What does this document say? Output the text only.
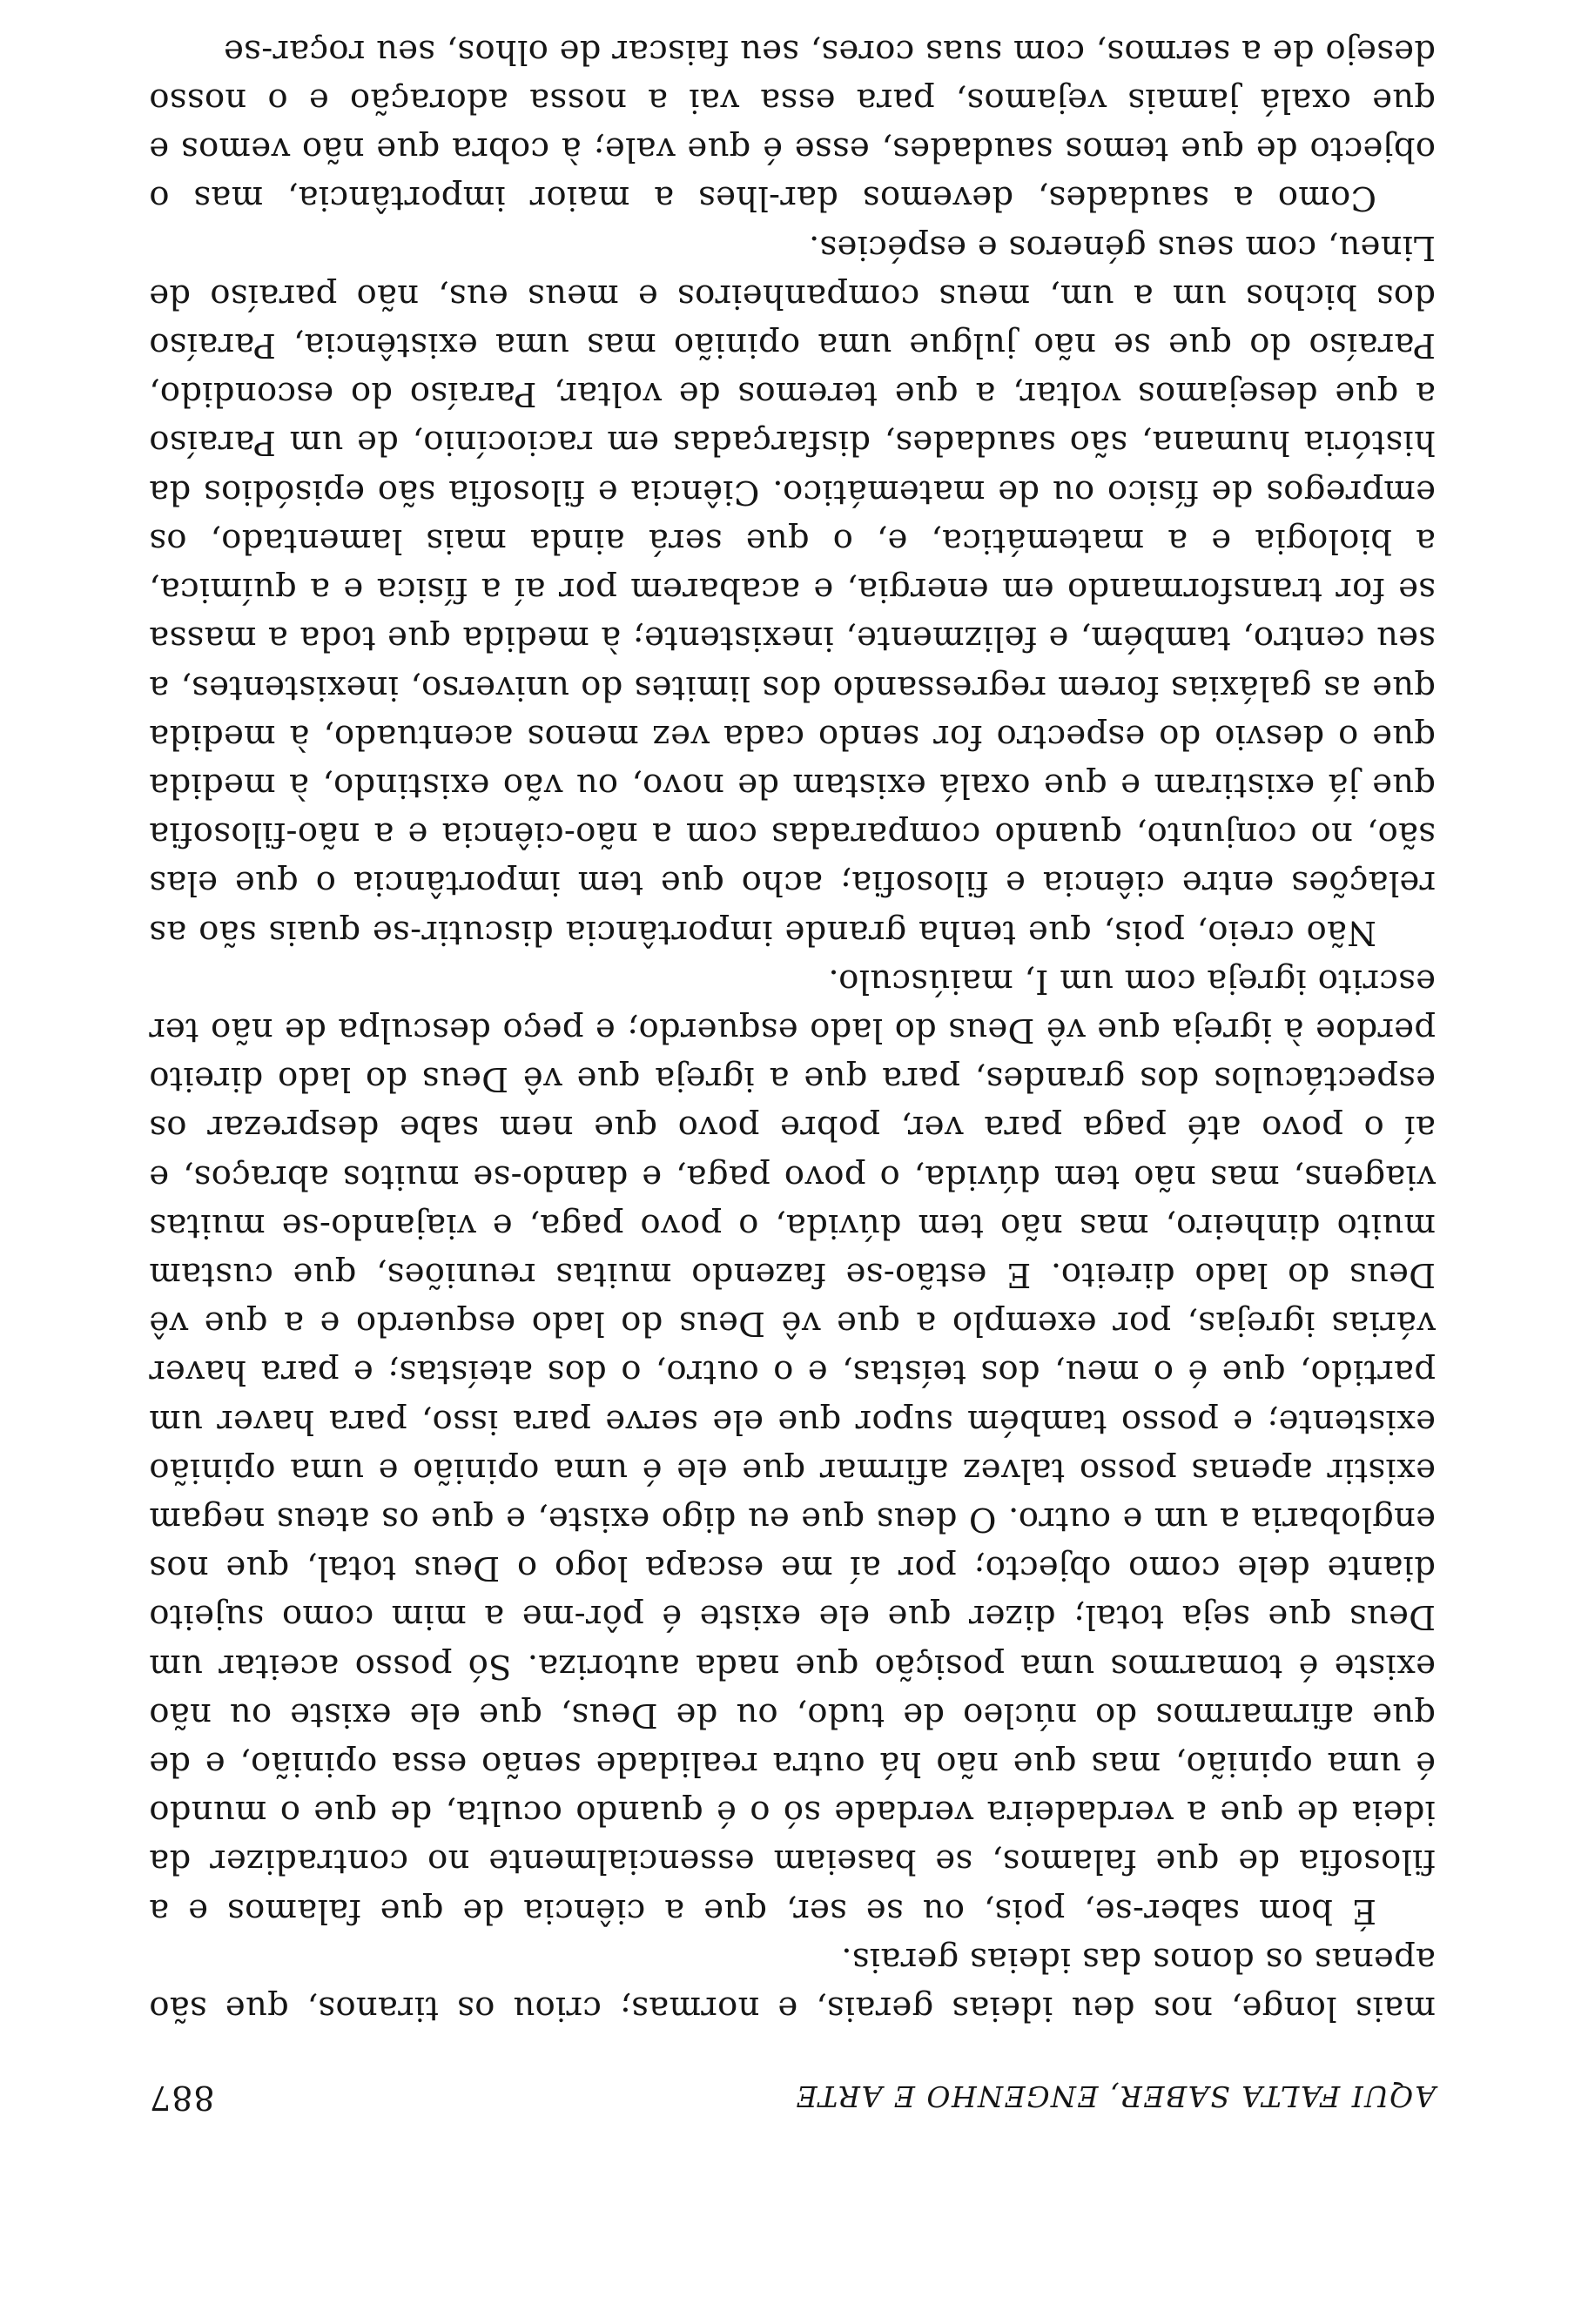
AQUI FALTA SABER, ENGENHO E ARTE
887

mais longe, nos deu ideias gerais, e normas; criou os tiranos, que são apenas os donos das ideias gerais.

É bom saber-se, pois, ou se ser, que a ciência de que falamos e a filosofia de que falamos, se baseiam essencialmente no contradizer da ideia de que a verdadeira verdade só o é quando oculta, de que o mundo é uma opinião, mas que não há outra realidade senão essa opinião, e de que afirmarmos do núcleo de tudo, ou de Deus, que ele existe ou não existe é tomarmos uma posição que nada autoriza. Só posso aceitar um Deus que seja total; dizer que ele existe é pôr-me a mim como sujeito diante dele como objecto; por aí me escapa logo o Deus total, que nos englobaria a um e outro. O deus que eu digo existe, e que os ateus negam existir apenas posso talvez afirmar que ele é uma opinião e uma opinião existente; e posso também supor que ele serve para isso, para haver um partido, que é o meu, dos teístas, e o outro, o dos ateístas; e para haver várias igrejas, por exemplo a que vê Deus do lado esquerdo e a que vê Deus do lado direito. E estão-se fazendo muitas reuniões, que custam muito dinheiro, mas não tem dúvida, o povo paga, e viajando-se muitas viagens, mas não tem dúvida, o povo paga, e dando-se muitos abraços, e aí o povo até paga para ver, pobre povo que nem sabe desprezar os espectáculos dos grandes, para que a igreja que vê Deus do lado direito perdoe à igreja que vê Deus do lado esquerdo; e peço desculpa de não ter escrito igreja com um I, maiúsculo.

Não creio, pois, que tenha grande importância discutir-se quais são as relações entre ciência e filosofia; acho que tem importância o que elas são, no conjunto, quando comparadas com a não-ciência e a não-filosofia que já existiram e que oxalá existam de novo, ou vão existindo, à medida que o desvio do espectro for sendo cada vez menos acentuado, à medida que as galáxias forem regressando dos limites do universo, inexistentes, a seu centro, também, e felizmente, inexistente; à medida que toda a massa se for transformando em energia, e acabarem por aí a física e a química, a biologia e a matemática, e, o que será ainda mais lamentado, os empregos de físico ou de matemático. Ciência e filosofia são episódios da história humana, são saudades, disfarçadas em raciocínio, de um Paraíso a que desejamos voltar, a que teremos de voltar, Paraíso do escondido, Paraíso do que se não julgue uma opinião mas uma existência, Paraíso dos bichos um a um, meus companheiros e meus eus, não paraíso de Lineu, com seus géneros e espécies.

Como a saudades, devemos dar-lhes a maior importância, mas o objecto de que temos saudades, esse é que vale; à cobra que não vemos e que oxalá jamais vejamos, para essa vai a nossa adoração e o nosso desejo de a sermos, com suas cores, seu faiscar de olhos, seu roçar-se
